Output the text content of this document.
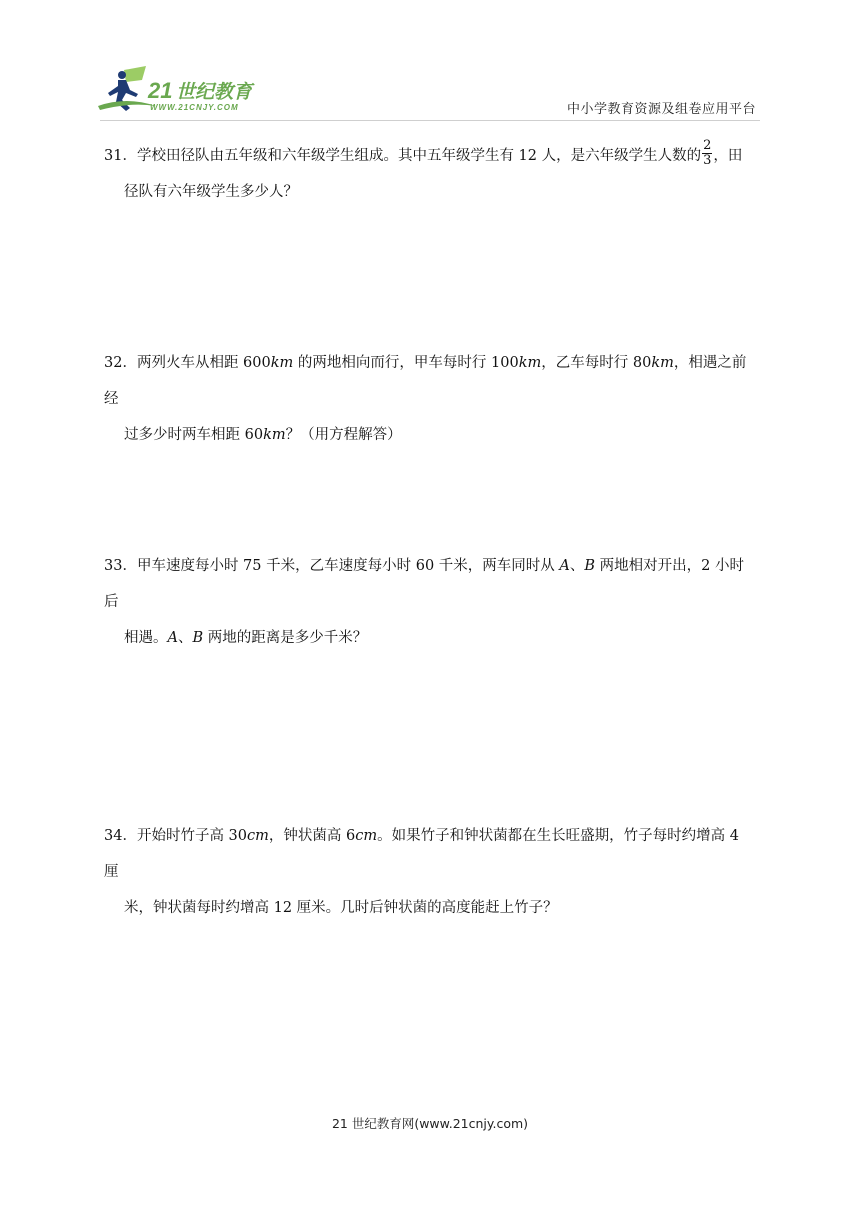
21 世纪教育
WWW.21CNJY.COM	中小学教育资源及组卷应用平台
31．学校田径队由五年级和六年级学生组成。其中五年级学生有 12 人，是六年级学生人数的 $\frac{2}{3}$ ，田
径队有六年级学生多少人？
32．两列火车从相距 600km 的两地相向而行，甲车每时行 100km，乙车每时行 80km，相遇之前经
过多少时两车相距 60km？（用方程解答）
33．甲车速度每小时 75 千米，乙车速度每小时 60 千米，两车同时从 A、B 两地相对开出，2 小时后
相遇。A、B 两地的距离是多少千米？
34．开始时竹子高 30cm，钟状菌高 6cm。如果竹子和钟状菌都在生长旺盛期，竹子每时约增高 4 厘
米，钟状菌每时约增高 12 厘米。几时后钟状菌的高度能赶上竹子？
21 世纪教育网(www.21cnjy.com)
